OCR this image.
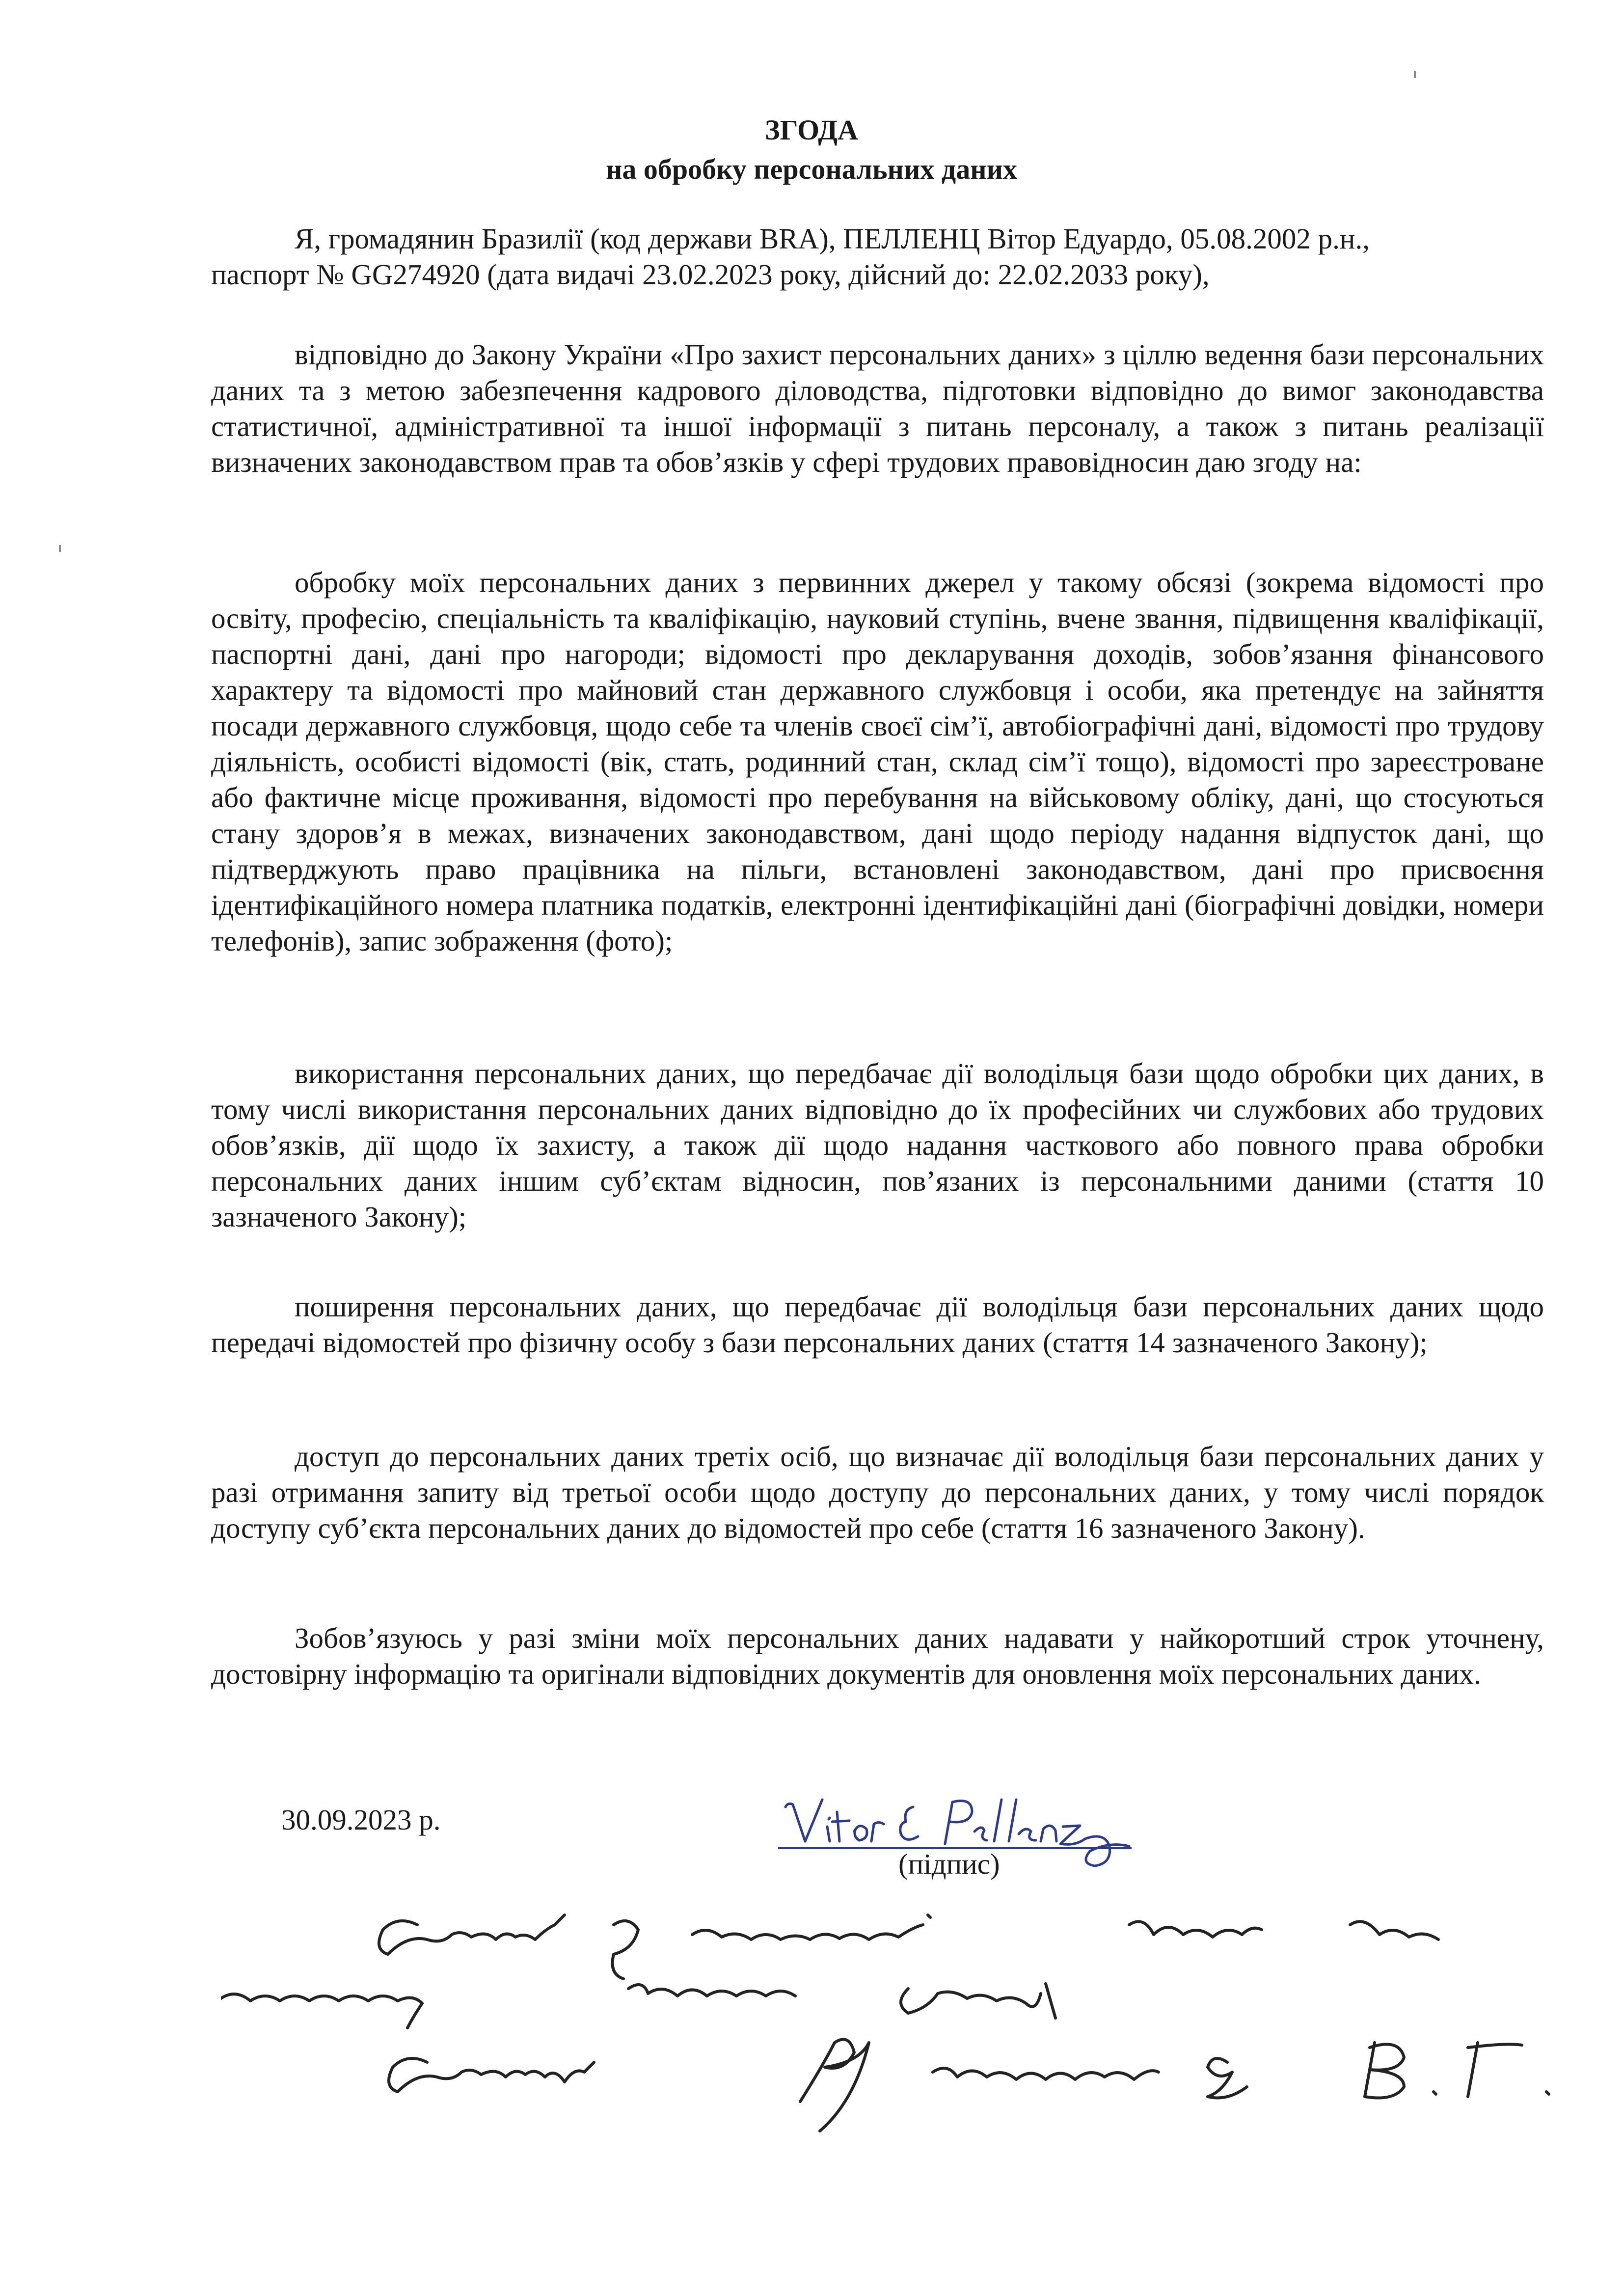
ЗГОДА
на обробку персональних даних

Я, громадянин Бразилії (код держави BRA), ПЕЛЛЕНЦ Вітор Едуардо, 05.08.2002 р.н.,

паспорт № GG274920 (дата видачі 23.02.2023 року, дійсний до: 22.02.2033 року),

відповідно до Закону України «Про захист персональних даних» з ціллю ведення бази персональних даних та з метою забезпечення кадрового діловодства, підготовки відповідно до вимог законодавства статистичної, адміністративної та іншої інформації з питань персоналу, а також з питань реалізації визначених законодавством прав та обов’язків у сфері трудових правовідносин даю згоду на:

обробку моїх персональних даних з первинних джерел у такому обсязі (зокрема відомості про освіту, професію, спеціальність та кваліфікацію, науковий ступінь, вчене звання, підвищення кваліфікації, паспортні дані, дані про нагороди; відомості про декларування доходів, зобов’язання фінансового характеру та відомості про майновий стан державного службовця і особи, яка претендує на зайняття посади державного службовця, щодо себе та членів своєї сім’ї, автобіографічні дані, відомості про трудову діяльність, особисті відомості (вік, стать, родинний стан, склад сім’ї тощо), відомості про зареєстроване або фактичне місце проживання, відомості про перебування на військовому обліку, дані, що стосуються стану здоров’я в межах, визначених законодавством, дані щодо періоду надання відпусток дані, що підтверджують право працівника на пільги, встановлені законодавством, дані про присвоєння ідентифікаційного номера платника податків, електронні ідентифікаційні дані (біографічні довідки, номери телефонів), запис зображення (фото);

використання персональних даних, що передбачає дії володільця бази щодо обробки цих даних, в тому числі використання персональних даних відповідно до їх професійних чи службових або трудових обов’язків, дії щодо їх захисту, а також дії щодо надання часткового або повного права обробки персональних даних іншим суб’єктам відносин, пов’язаних із персональними даними (стаття 10 зазначеного Закону);

поширення персональних даних, що передбачає дії володільця бази персональних даних щодо передачі відомостей про фізичну особу з бази персональних даних (стаття 14 зазначеного Закону);

доступ до персональних даних третіх осіб, що визначає дії володільця бази персональних даних у разі отримання запиту від третьої особи щодо доступу до персональних даних, у тому числі порядок доступу суб’єкта персональних даних до відомостей про себе (стаття 16 зазначеного Закону).

Зобов’язуюсь у разі зміни моїх персональних даних надавати у найкоротший строк уточнену, достовірну інформацію та оригінали відповідних документів для оновлення моїх персональних даних.

30.09.2023 р.
(підпис)
